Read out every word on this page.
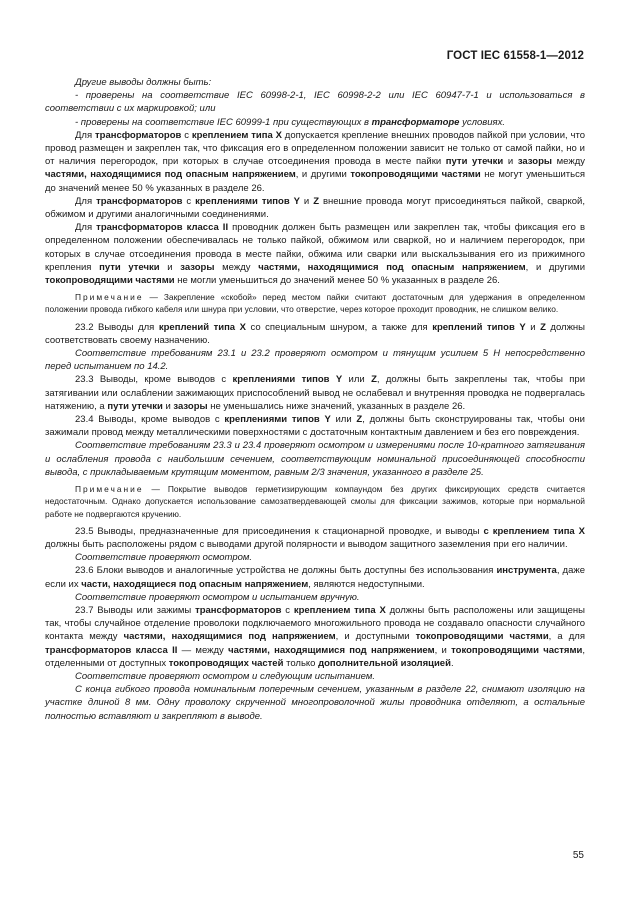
ГОСТ IEC 61558-1—2012

Другие выводы должны быть:

- проверены на соответствие IEC 60998-2-1, IEC 60998-2-2 или IEC 60947-7-1 и использоваться в соответствии с их маркировкой; или

- проверены на соответствие IEC 60999-1 при существующих в трансформаторе условиях.

Для трансформаторов с креплением типа X допускается крепление внешних проводов пайкой при условии, что провод размещен и закреплен так, что фиксация его в определенном положении зависит не только от самой пайки, но и от наличия перегородок, при которых в случае отсоединения провода в месте пайки пути утечки и зазоры между частями, находящимися под опасным напряжением, и другими токопроводящими частями не могут уменьшиться до значений менее 50 % указанных в разделе 26.

Для трансформаторов с креплениями типов Y и Z внешние провода могут присоединяться пайкой, сваркой, обжимом и другими аналогичными соединениями.

Для трансформаторов класса II проводник должен быть размещен или закреплен так, чтобы фиксация его в определенном положении обеспечивалась не только пайкой, обжимом или сваркой, но и наличием перегородок, при которых в случае отсоединения провода в месте пайки, обжима или сварки или выскальзывания его из прижимного крепления пути утечки и зазоры между частями, находящимися под опасным напряжением, и другими токопроводящими частями не могли уменьшиться до значений менее 50 % указанных в разделе 26.

Примечание — Закрепление «скобой» перед местом пайки считают достаточным для удержания в определенном положении провода гибкого кабеля или шнура при условии, что отверстие, через которое проходит проводник, не слишком велико.

23.2 Выводы для креплений типа X со специальным шнуром, а также для креплений типов Y и Z должны соответствовать своему назначению.

Соответствие требованиям 23.1 и 23.2 проверяют осмотром и тянущим усилием 5 Н непосредственно перед испытанием по 14.2.

23.3 Выводы, кроме выводов с креплениями типов Y или Z, должны быть закреплены так, чтобы при затягивании или ослаблении зажимающих приспособлений вывод не ослабевал и внутренняя проводка не подвергалась натяжению, а пути утечки и зазоры не уменьшались ниже значений, указанных в разделе 26.

23.4 Выводы, кроме выводов с креплениями типов Y или Z, должны быть сконструированы так, чтобы они зажимали провод между металлическими поверхностями с достаточным контактным давлением и без его повреждения.

Соответствие требованиям 23.3 и 23.4 проверяют осмотром и измерениями после 10-кратного затягивания и ослабления провода с наибольшим сечением, соответствующим номинальной присоединяющей способности вывода, с прикладываемым крутящим моментом, равным 2/3 значения, указанного в разделе 25.

Примечание — Покрытие выводов герметизирующим компаундом без других фиксирующих средств считается недостаточным. Однако допускается использование самозатвердевающей смолы для фиксации зажимов, которые при нормальной работе не подвергаются кручению.

23.5 Выводы, предназначенные для присоединения к стационарной проводке, и выводы с креплением типа X должны быть расположены рядом с выводами другой полярности и выводом защитного заземления при его наличии.

Соответствие проверяют осмотром.

23.6 Блоки выводов и аналогичные устройства не должны быть доступны без использования инструмента, даже если их части, находящиеся под опасным напряжением, являются недоступными.

Соответствие проверяют осмотром и испытанием вручную.

23.7 Выводы или зажимы трансформаторов с креплением типа X должны быть расположены или защищены так, чтобы случайное отделение проволоки подключаемого многожильного провода не создавало опасности случайного контакта между частями, находящимися под напряжением, и доступными токопроводящими частями, а для трансформаторов класса II — между частями, находящимися под напряжением, и токопроводящими частями, отделенными от доступных токопроводящих частей только дополнительной изоляцией.

Соответствие проверяют осмотром и следующим испытанием.

С конца гибкого провода номинальным поперечным сечением, указанным в разделе 22, снимают изоляцию на участке длиной 8 мм. Одну проволоку скрученной многопроволочной жилы проводника отделяют, а остальные полностью вставляют и закрепляют в выводе.

55
